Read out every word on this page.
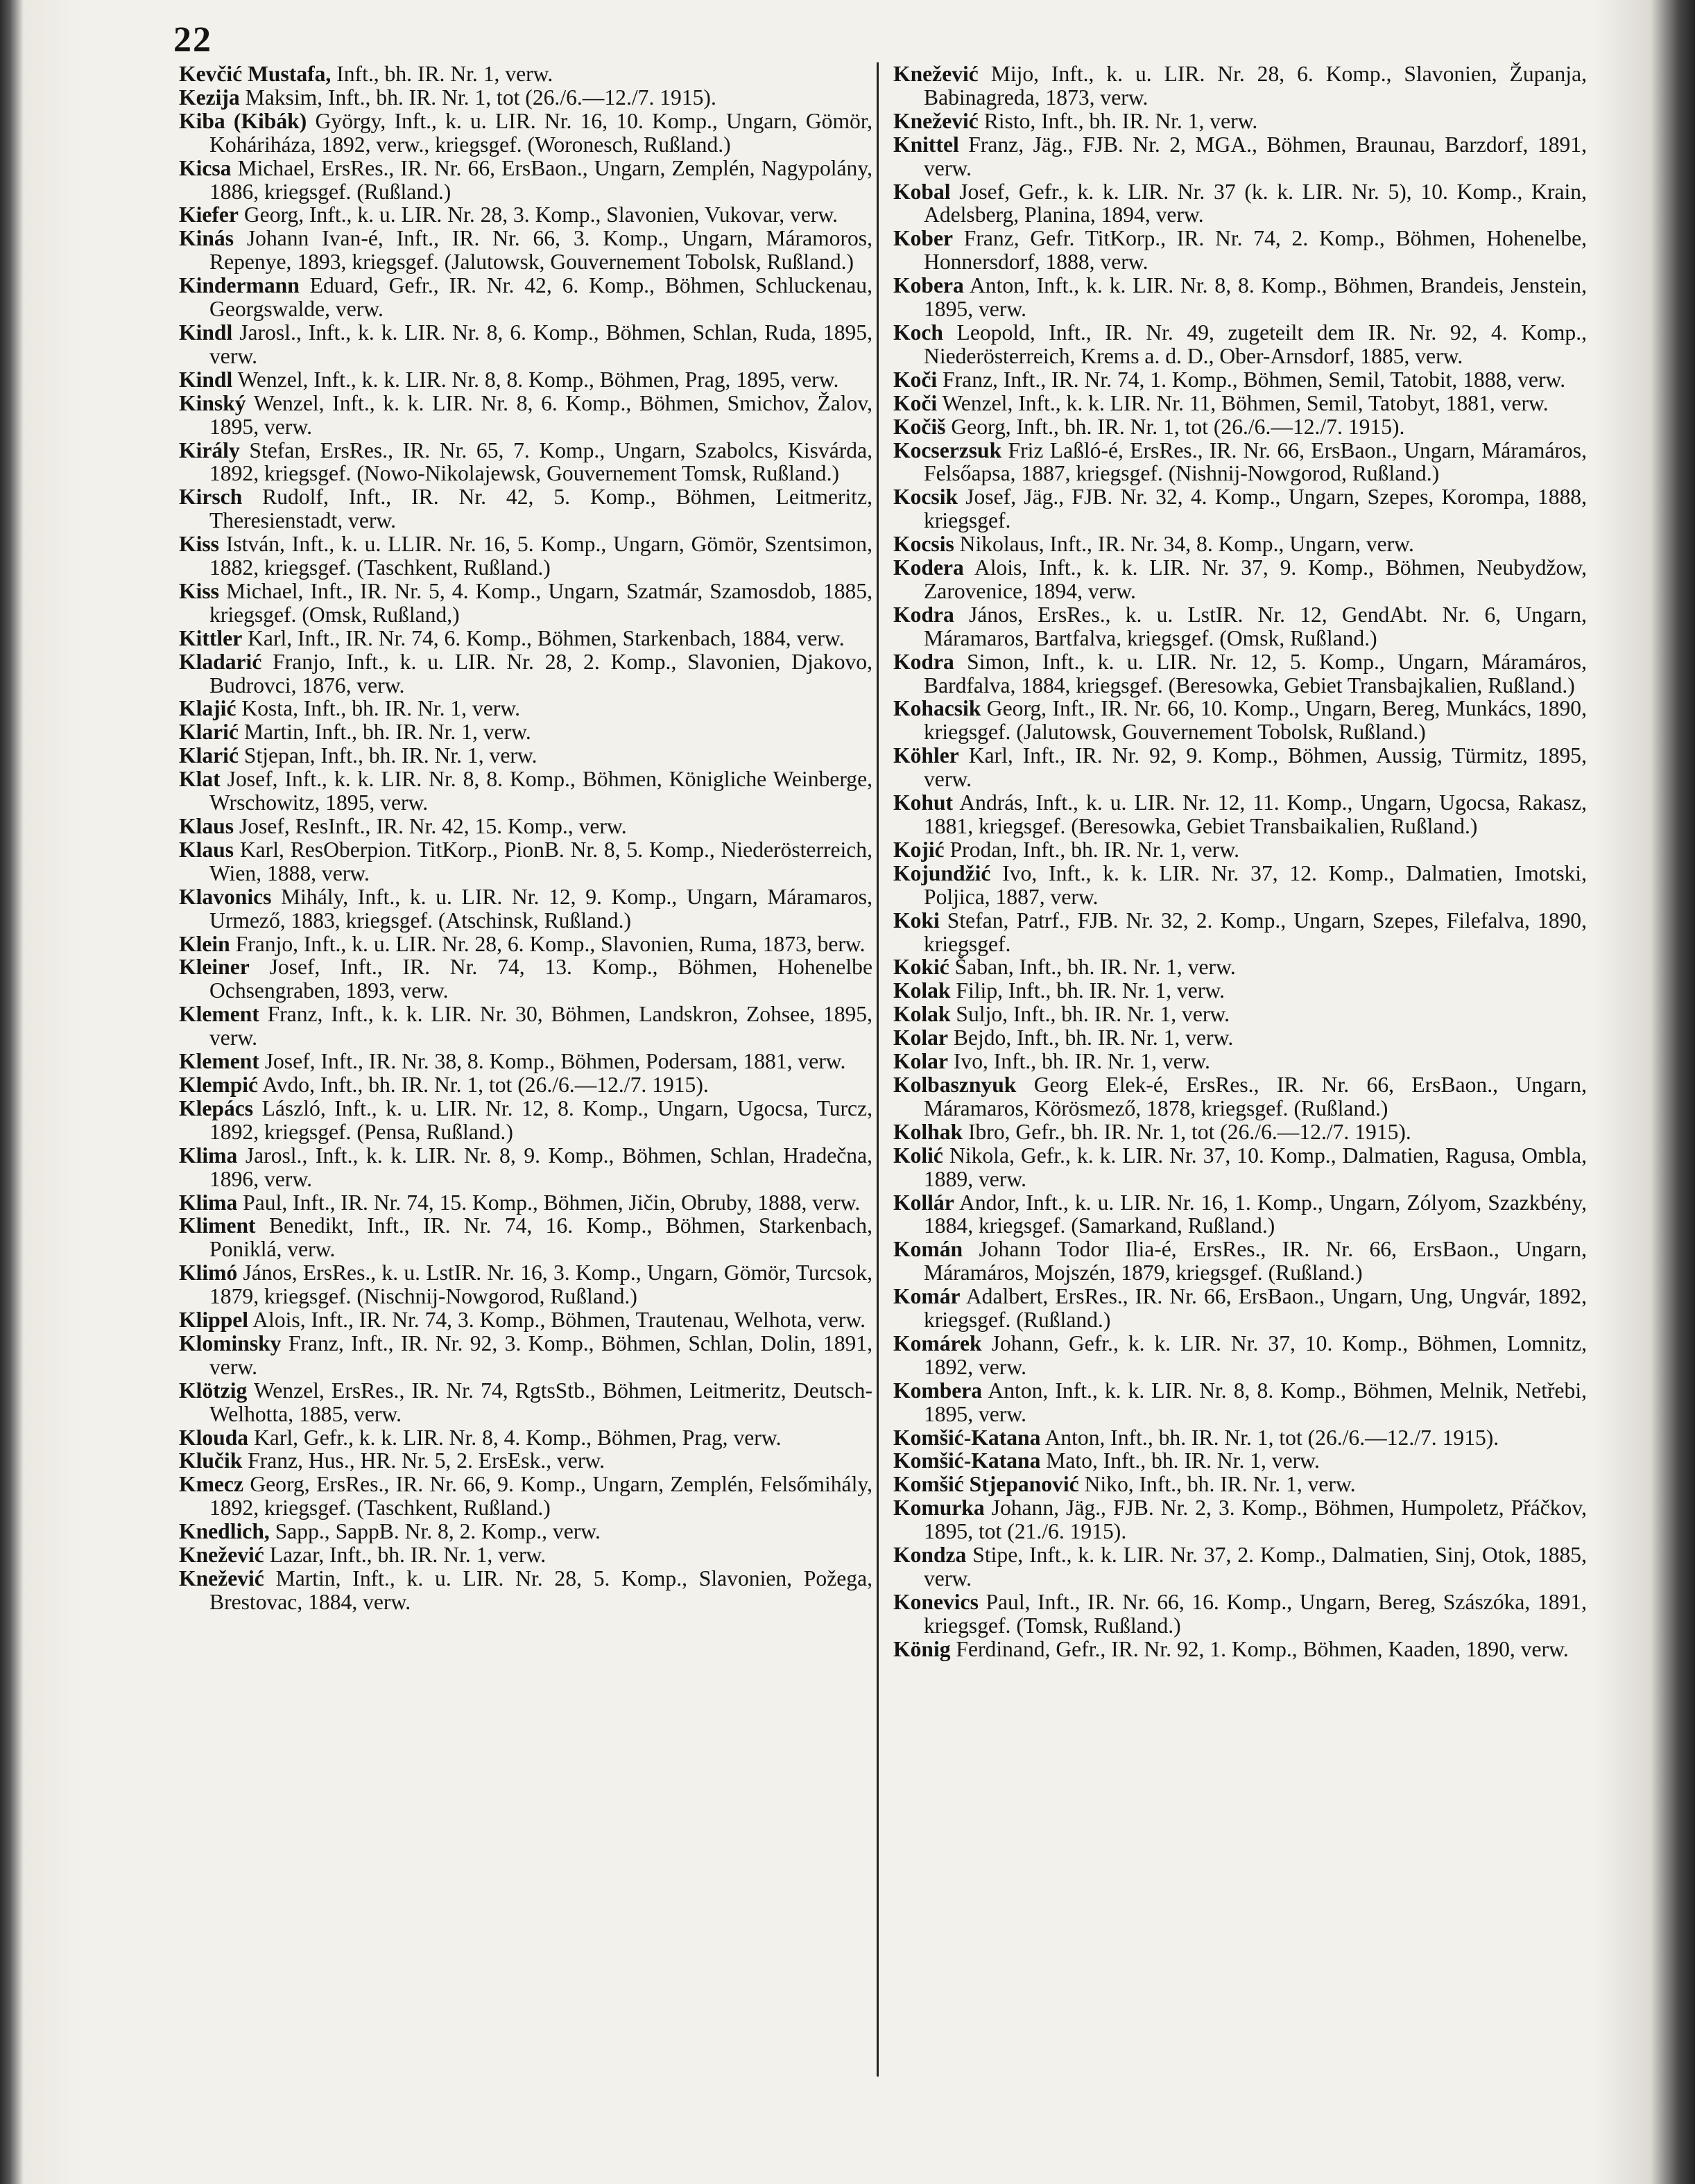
22

Kevčić Mustafa, Inft., bh. IR. Nr. 1, verw.

Kezija Maksim, Inft., bh. IR. Nr. 1, tot (26./6.—12./7. 1915).

Kiba (Kibák) György, Inft., k. u. LIR. Nr. 16, 10. Komp., Ungarn, Gömör, Koháriháza, 1892, verw., kriegsgef. (Woronesch, Rußland.)

Kicsa Michael, ErsRes., IR. Nr. 66, ErsBaon., Ungarn, Zemplén, Nagypolány, 1886, kriegsgef. (Rußland.)

Kiefer Georg, Inft., k. u. LIR. Nr. 28, 3. Komp., Slavonien, Vukovar, verw.

Kinás Johann Ivan-é, Inft., IR. Nr. 66, 3. Komp., Ungarn, Máramoros, Repenye, 1893, kriegsgef. (Jalutowsk, Gouvernement Tobolsk, Rußland.)

Kindermann Eduard, Gefr., IR. Nr. 42, 6. Komp., Böhmen, Schluckenau, Georgswalde, verw.

Kindl Jarosl., Inft., k. k. LIR. Nr. 8, 6. Komp., Böhmen, Schlan, Ruda, 1895, verw.

Kindl Wenzel, Inft., k. k. LIR. Nr. 8, 8. Komp., Böhmen, Prag, 1895, verw.

Kinský Wenzel, Inft., k. k. LIR. Nr. 8, 6. Komp., Böhmen, Smichov, Žalov, 1895, verw.

Király Stefan, ErsRes., IR. Nr. 65, 7. Komp., Ungarn, Szabolcs, Kisvárda, 1892, kriegsgef. (Nowo-Nikolajewsk, Gouvernement Tomsk, Rußland.)

Kirsch Rudolf, Inft., IR. Nr. 42, 5. Komp., Böhmen, Leitmeritz, Theresienstadt, verw.

Kiss István, Inft., k. u. LLIR. Nr. 16, 5. Komp., Ungarn, Gömör, Szentsimon, 1882, kriegsgef. (Taschkent, Rußland.)

Kiss Michael, Inft., IR. Nr. 5, 4. Komp., Ungarn, Szatmár, Szamosdob, 1885, kriegsgef. (Omsk, Rußland,)

Kittler Karl, Inft., IR. Nr. 74, 6. Komp., Böhmen, Starkenbach, 1884, verw.

Kladarić Franjo, Inft., k. u. LIR. Nr. 28, 2. Komp., Slavonien, Djakovo, Budrovci, 1876, verw.

Klajić Kosta, Inft., bh. IR. Nr. 1, verw.

Klarić Martin, Inft., bh. IR. Nr. 1, verw.

Klarić Stjepan, Inft., bh. IR. Nr. 1, verw.

Klat Josef, Inft., k. k. LIR. Nr. 8, 8. Komp., Böhmen, Königliche Weinberge, Wrschowitz, 1895, verw.

Klaus Josef, ResInft., IR. Nr. 42, 15. Komp., verw.

Klaus Karl, ResOberpion. TitKorp., PionB. Nr. 8, 5. Komp., Niederösterreich, Wien, 1888, verw.

Klavonics Mihály, Inft., k. u. LIR. Nr. 12, 9. Komp., Ungarn, Máramaros, Urmező, 1883, kriegsgef. (Atschinsk, Rußland.)

Klein Franjo, Inft., k. u. LIR. Nr. 28, 6. Komp., Slavonien, Ruma, 1873, berw.

Kleiner Josef, Inft., IR. Nr. 74, 13. Komp., Böhmen, Hohenelbe Ochsengraben, 1893, verw.

Klement Franz, Inft., k. k. LIR. Nr. 30, Böhmen, Landskron, Zohsee, 1895, verw.

Klement Josef, Inft., IR. Nr. 38, 8. Komp., Böhmen, Podersam, 1881, verw.

Klempić Avdo, Inft., bh. IR. Nr. 1, tot (26./6.—12./7. 1915).

Klepács László, Inft., k. u. LIR. Nr. 12, 8. Komp., Ungarn, Ugocsa, Turcz, 1892, kriegsgef. (Pensa, Rußland.)

Klima Jarosl., Inft., k. k. LIR. Nr. 8, 9. Komp., Böhmen, Schlan, Hradečna, 1896, verw.

Klima Paul, Inft., IR. Nr. 74, 15. Komp., Böhmen, Jičin, Obruby, 1888, verw.

Kliment Benedikt, Inft., IR. Nr. 74, 16. Komp., Böhmen, Starkenbach, Poniklá, verw.

Klimó János, ErsRes., k. u. LstIR. Nr. 16, 3. Komp., Ungarn, Gömör, Turcsok, 1879, kriegsgef. (Nischnij-Nowgorod, Rußland.)

Klippel Alois, Inft., IR. Nr. 74, 3. Komp., Böhmen, Trautenau, Welhota, verw.

Klominsky Franz, Inft., IR. Nr. 92, 3. Komp., Böhmen, Schlan, Dolin, 1891, verw.

Klötzig Wenzel, ErsRes., IR. Nr. 74, RgtsStb., Böhmen, Leitmeritz, Deutsch-Welhotta, 1885, verw.

Klouda Karl, Gefr., k. k. LIR. Nr. 8, 4. Komp., Böhmen, Prag, verw.

Klučik Franz, Hus., HR. Nr. 5, 2. ErsEsk., verw.

Kmecz Georg, ErsRes., IR. Nr. 66, 9. Komp., Ungarn, Zemplén, Felsőmihály, 1892, kriegsgef. (Taschkent, Rußland.)

Knedlich, Sapp., SappB. Nr. 8, 2. Komp., verw.

Knežević Lazar, Inft., bh. IR. Nr. 1, verw.

Knežević Martin, Inft., k. u. LIR. Nr. 28, 5. Komp., Slavonien, Požega, Brestovac, 1884, verw.

Knežević Mijo, Inft., k. u. LIR. Nr. 28, 6. Komp., Slavonien, Županja, Babinagreda, 1873, verw.

Knežević Risto, Inft., bh. IR. Nr. 1, verw.

Knittel Franz, Jäg., FJB. Nr. 2, MGA., Böhmen, Braunau, Barzdorf, 1891, verw.

Kobal Josef, Gefr., k. k. LIR. Nr. 37 (k. k. LIR. Nr. 5), 10. Komp., Krain, Adelsberg, Planina, 1894, verw.

Kober Franz, Gefr. TitKorp., IR. Nr. 74, 2. Komp., Böhmen, Hohenelbe, Honnersdorf, 1888, verw.

Kobera Anton, Inft., k. k. LIR. Nr. 8, 8. Komp., Böhmen, Brandeis, Jenstein, 1895, verw.

Koch Leopold, Inft., IR. Nr. 49, zugeteilt dem IR. Nr. 92, 4. Komp., Niederösterreich, Krems a. d. D., Ober-Arnsdorf, 1885, verw.

Koči Franz, Inft., IR. Nr. 74, 1. Komp., Böhmen, Semil, Tatobit, 1888, verw.

Koči Wenzel, Inft., k. k. LIR. Nr. 11, Böhmen, Semil, Tatobyt, 1881, verw.

Kočiš Georg, Inft., bh. IR. Nr. 1, tot (26./6.—12./7. 1915).

Kocserzsuk Friz Laßló-é, ErsRes., IR. Nr. 66, ErsBaon., Ungarn, Máramáros, Felsőapsa, 1887, kriegsgef. (Nishnij-Nowgorod, Rußland.)

Kocsik Josef, Jäg., FJB. Nr. 32, 4. Komp., Ungarn, Szepes, Korompa, 1888, kriegsgef.

Kocsis Nikolaus, Inft., IR. Nr. 34, 8. Komp., Ungarn, verw.

Kodera Alois, Inft., k. k. LIR. Nr. 37, 9. Komp., Böhmen, Neubydžow, Zarovenice, 1894, verw.

Kodra János, ErsRes., k. u. LstIR. Nr. 12, GendAbt. Nr. 6, Ungarn, Máramaros, Bartfalva, kriegsgef. (Omsk, Rußland.)

Kodra Simon, Inft., k. u. LIR. Nr. 12, 5. Komp., Ungarn, Máramáros, Bardfalva, 1884, kriegsgef. (Beresowka, Gebiet Transbajkalien, Rußland.)

Kohacsik Georg, Inft., IR. Nr. 66, 10. Komp., Ungarn, Bereg, Munkács, 1890, kriegsgef. (Jalutowsk, Gouvernement Tobolsk, Rußland.)

Köhler Karl, Inft., IR. Nr. 92, 9. Komp., Böhmen, Aussig, Türmitz, 1895, verw.

Kohut András, Inft., k. u. LIR. Nr. 12, 11. Komp., Ungarn, Ugocsa, Rakasz, 1881, kriegsgef. (Beresowka, Gebiet Transbaikalien, Rußland.)

Kojić Prodan, Inft., bh. IR. Nr. 1, verw.

Kojundžić Ivo, Inft., k. k. LIR. Nr. 37, 12. Komp., Dalmatien, Imotski, Poljica, 1887, verw.

Koki Stefan, Patrf., FJB. Nr. 32, 2. Komp., Ungarn, Szepes, Filefalva, 1890, kriegsgef.

Kokić Šaban, Inft., bh. IR. Nr. 1, verw.

Kolak Filip, Inft., bh. IR. Nr. 1, verw.

Kolak Suljo, Inft., bh. IR. Nr. 1, verw.

Kolar Bejdo, Inft., bh. IR. Nr. 1, verw.

Kolar Ivo, Inft., bh. IR. Nr. 1, verw.

Kolbasznyuk Georg Elek-é, ErsRes., IR. Nr. 66, ErsBaon., Ungarn, Máramaros, Körösmező, 1878, kriegsgef. (Rußland.)

Kolhak Ibro, Gefr., bh. IR. Nr. 1, tot (26./6.—12./7. 1915).

Kolić Nikola, Gefr., k. k. LIR. Nr. 37, 10. Komp., Dalmatien, Ragusa, Ombla, 1889, verw.

Kollár Andor, Inft., k. u. LIR. Nr. 16, 1. Komp., Ungarn, Zólyom, Szazkbény, 1884, kriegsgef. (Samarkand, Rußland.)

Komán Johann Todor Ilia-é, ErsRes., IR. Nr. 66, ErsBaon., Ungarn, Máramáros, Mojszén, 1879, kriegsgef. (Rußland.)

Komár Adalbert, ErsRes., IR. Nr. 66, ErsBaon., Ungarn, Ung, Ungvár, 1892, kriegsgef. (Rußland.)

Komárek Johann, Gefr., k. k. LIR. Nr. 37, 10. Komp., Böhmen, Lomnitz, 1892, verw.

Kombera Anton, Inft., k. k. LIR. Nr. 8, 8. Komp., Böhmen, Melnik, Netřebi, 1895, verw.

Komšić-Katana Anton, Inft., bh. IR. Nr. 1, tot (26./6.—12./7. 1915).

Komšić-Katana Mato, Inft., bh. IR. Nr. 1, verw.

Komšić Stjepanović Niko, Inft., bh. IR. Nr. 1, verw.

Komurka Johann, Jäg., FJB. Nr. 2, 3. Komp., Böhmen, Humpoletz, Přáčkov, 1895, tot (21./6. 1915).

Kondza Stipe, Inft., k. k. LIR. Nr. 37, 2. Komp., Dalmatien, Sinj, Otok, 1885, verw.

Konevics Paul, Inft., IR. Nr. 66, 16. Komp., Ungarn, Bereg, Szászóka, 1891, kriegsgef. (Tomsk, Rußland.)

König Ferdinand, Gefr., IR. Nr. 92, 1. Komp., Böhmen, Kaaden, 1890, verw.
